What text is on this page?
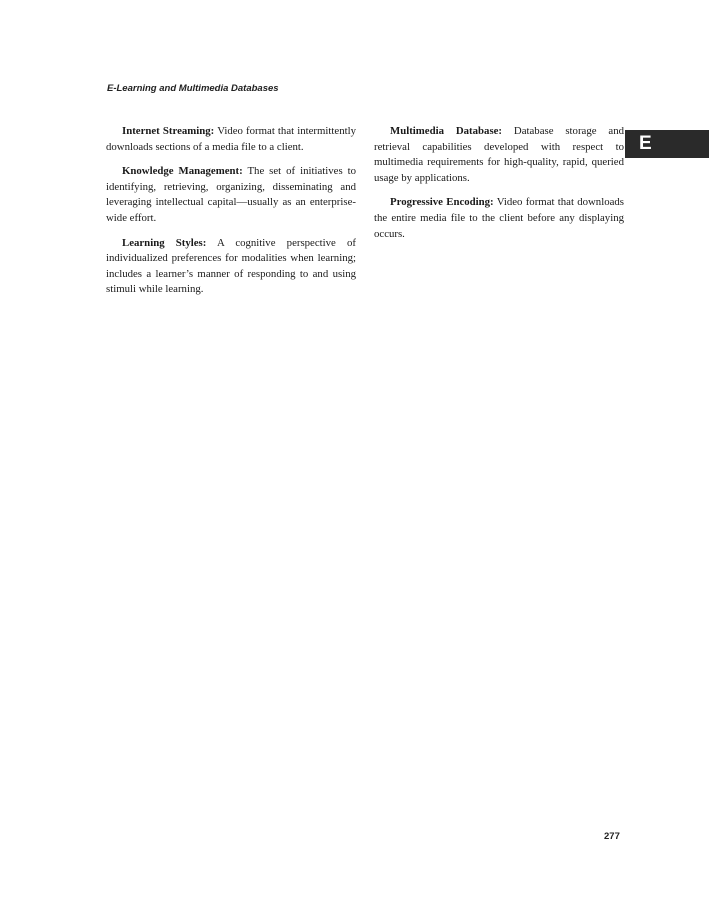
E-Learning and Multimedia Databases
E

Internet Streaming: Video format that intermittently downloads sections of a media file to a client.

Knowledge Management: The set of initiatives to identifying, retrieving, organizing, disseminating and leveraging intellectual capital—usually as an enterprise-wide effort.

Learning Styles: A cognitive perspective of individualized preferences for modalities when learning; includes a learner’s manner of responding to and using stimuli while learning.

Multimedia Database: Database storage and retrieval capabilities developed with respect to multimedia requirements for high-quality, rapid, queried usage by applications.

Progressive Encoding: Video format that downloads the entire media file to the client before any displaying occurs.

277
